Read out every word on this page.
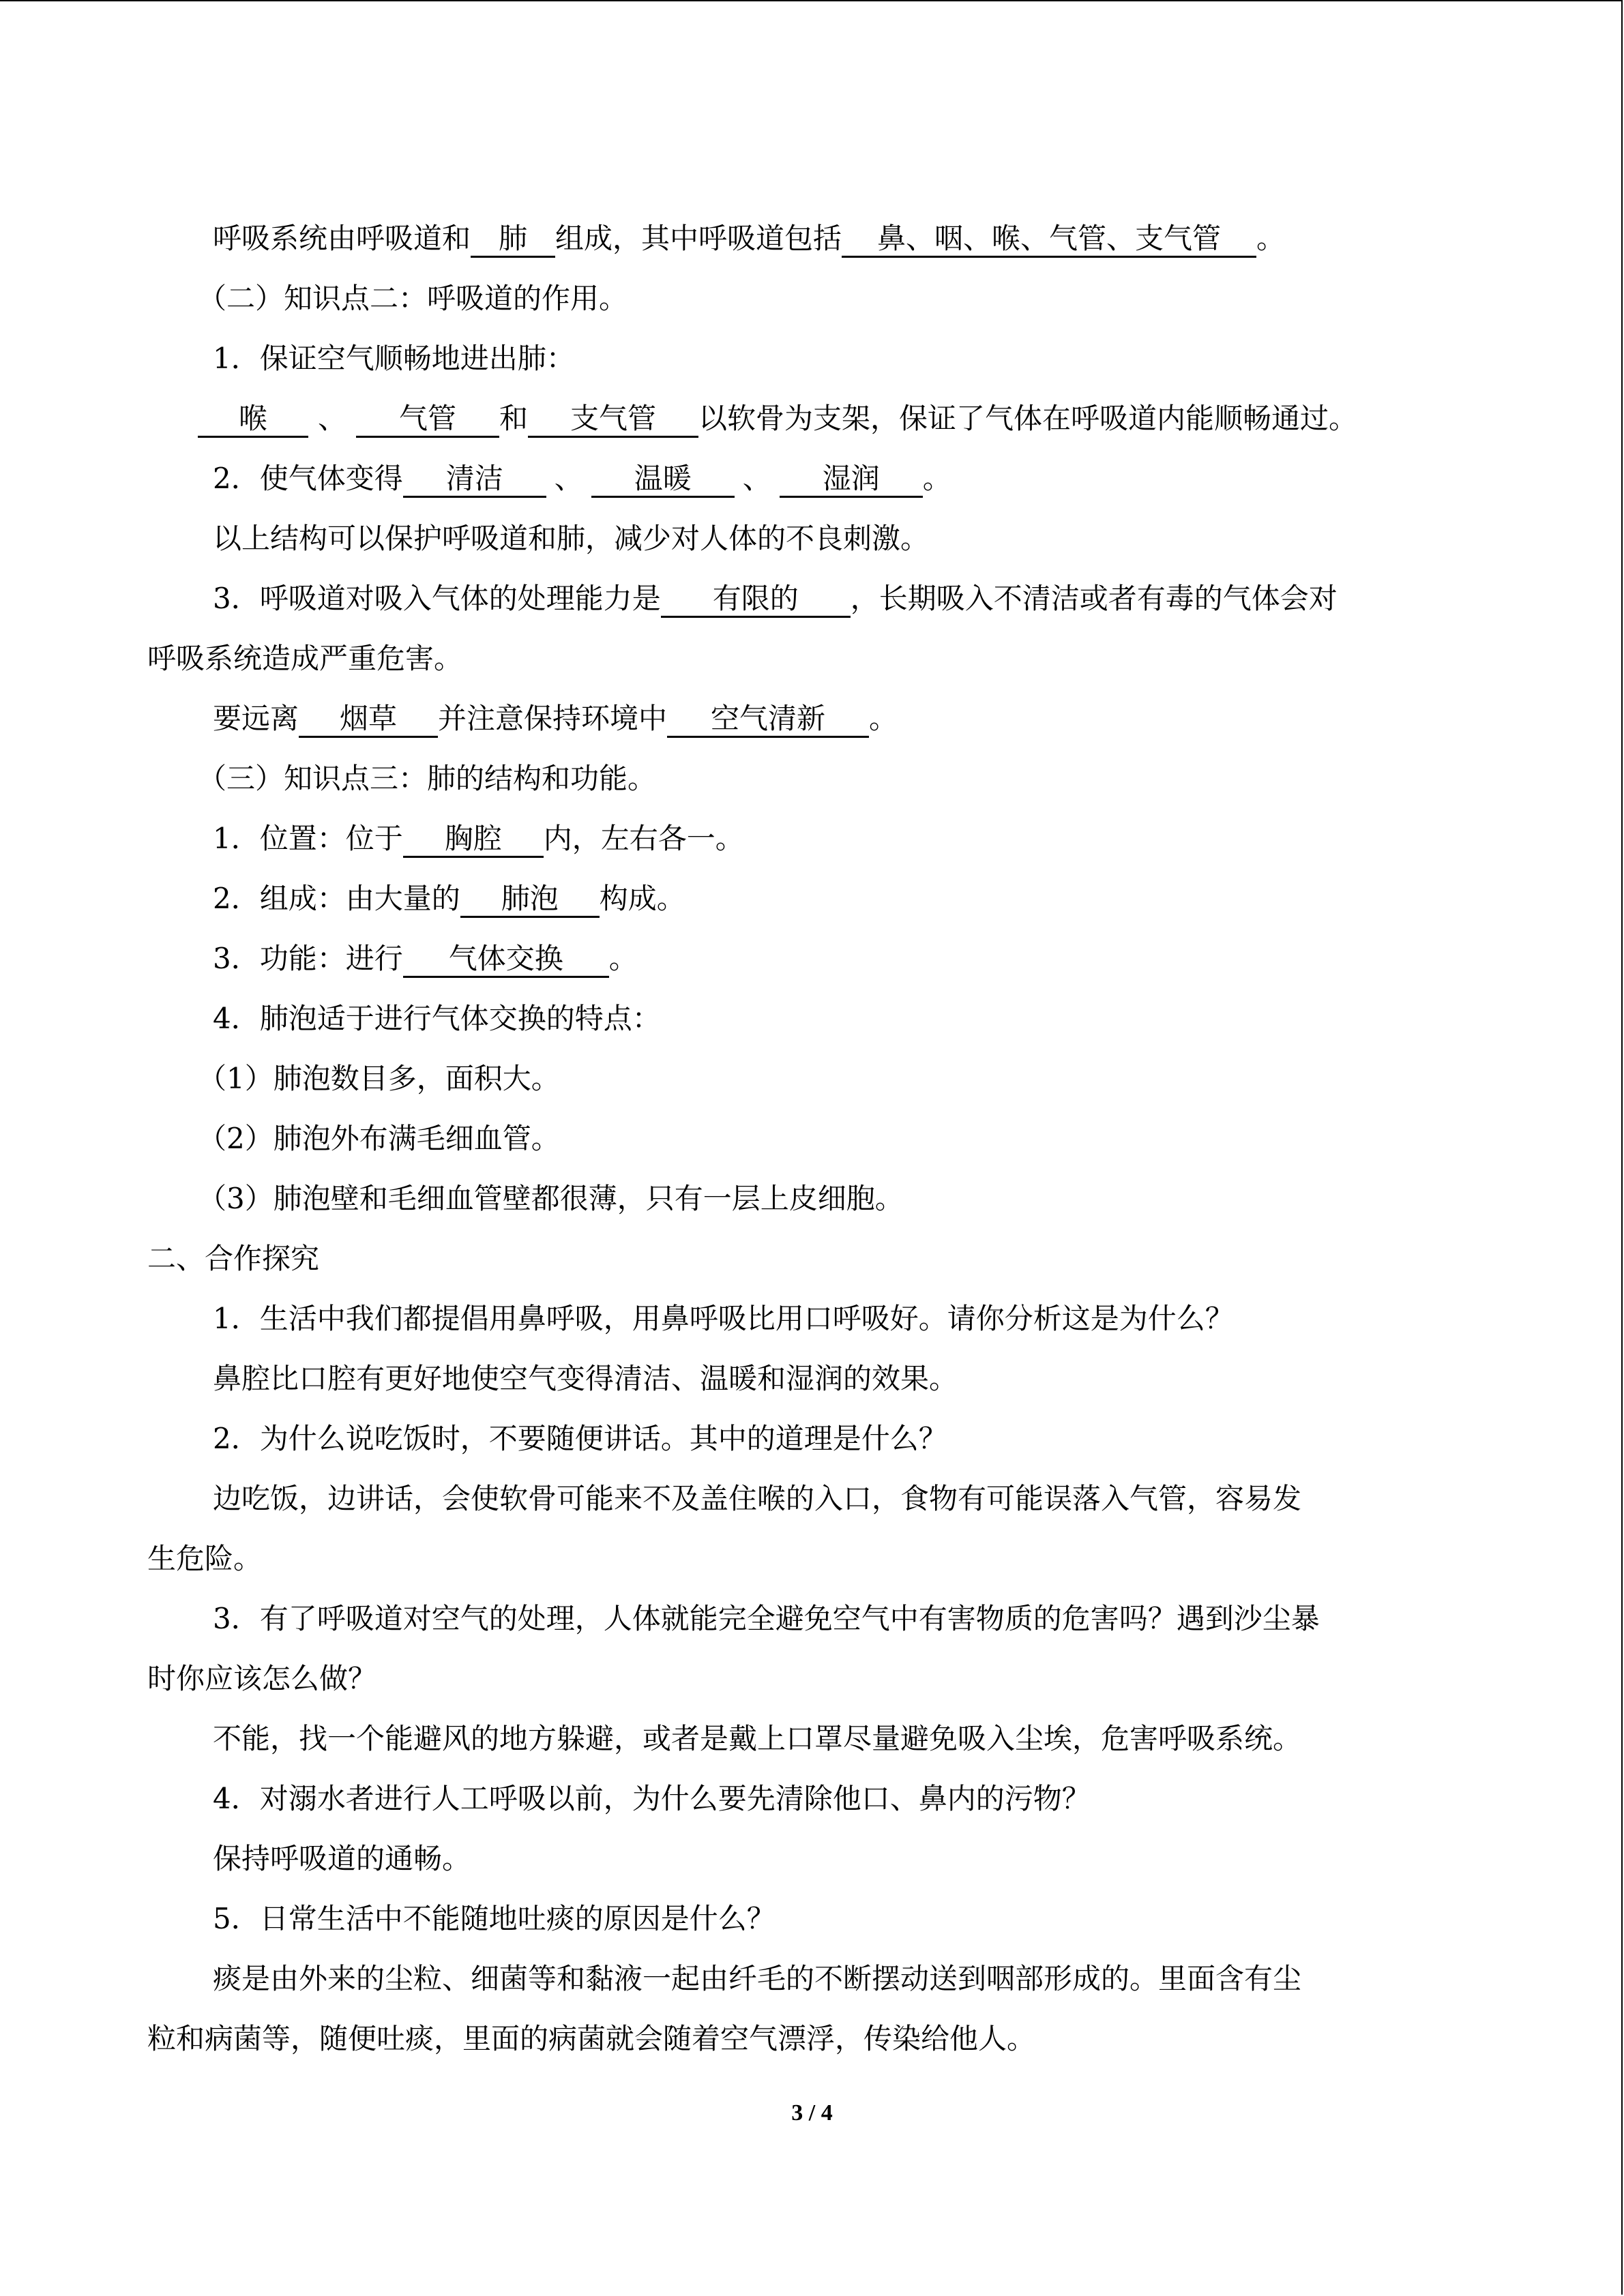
呼吸系统由呼吸道和 肺 组成，其中呼吸道包括 鼻、咽、喉、气管、支气管 。
（二）知识点二：呼吸道的作用。
1．保证空气顺畅地进出肺：
喉 、 气管 和 支气管 以软骨为支架，保证了气体在呼吸道内能顺畅通过。
2．使气体变得 清洁 、 温暖 、 湿润 。
以上结构可以保护呼吸道和肺，减少对人体的不良刺激。
3．呼吸道对吸入气体的处理能力是 有限的 ，长期吸入不清洁或者有毒的气体会对
呼吸系统造成严重危害。
要远离 烟草 并注意保持环境中 空气清新 。
（三）知识点三：肺的结构和功能。
1．位置：位于 胸腔 内，左右各一。
2．组成：由大量的 肺泡 构成。
3．功能：进行 气体交换 。
4．肺泡适于进行气体交换的特点：
（1）肺泡数目多，面积大。
（2）肺泡外布满毛细血管。
（3）肺泡壁和毛细血管壁都很薄，只有一层上皮细胞。
二、合作探究
1．生活中我们都提倡用鼻呼吸，用鼻呼吸比用口呼吸好。请你分析这是为什么？
鼻腔比口腔有更好地使空气变得清洁、温暖和湿润的效果。
2．为什么说吃饭时，不要随便讲话。其中的道理是什么？
边吃饭，边讲话，会使软骨可能来不及盖住喉的入口，食物有可能误落入气管，容易发
生危险。
3．有了呼吸道对空气的处理，人体就能完全避免空气中有害物质的危害吗？遇到沙尘暴
时你应该怎么做？
不能，找一个能避风的地方躲避，或者是戴上口罩尽量避免吸入尘埃，危害呼吸系统。
4．对溺水者进行人工呼吸以前，为什么要先清除他口、鼻内的污物？
保持呼吸道的通畅。
5．日常生活中不能随地吐痰的原因是什么？
痰是由外来的尘粒、细菌等和黏液一起由纤毛的不断摆动送到咽部形成的。里面含有尘
粒和病菌等，随便吐痰，里面的病菌就会随着空气漂浮，传染给他人。
3 / 4
